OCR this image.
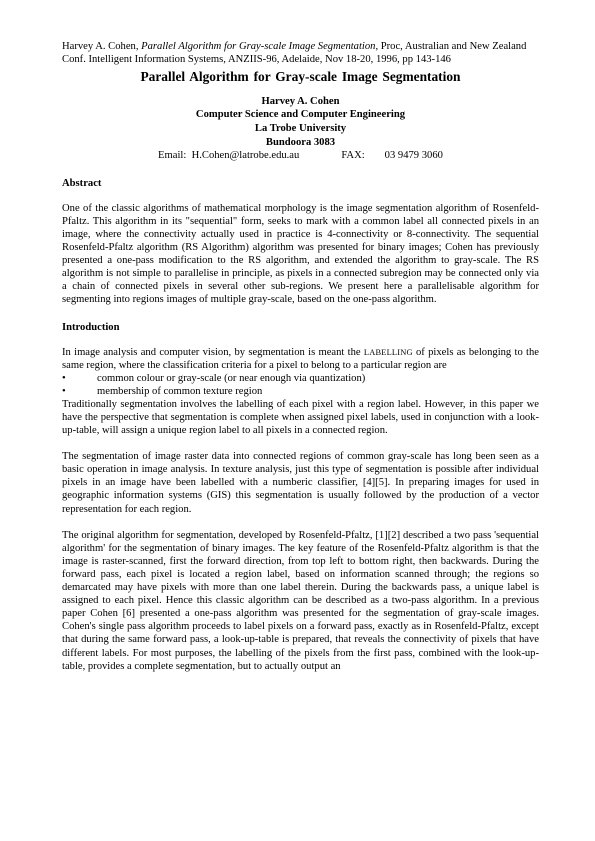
Harvey A. Cohen, Parallel Algorithm for Gray-scale Image Segmentation, Proc, Australian and New Zealand Conf. Intelligent Information Systems, ANZIIS-96, Adelaide, Nov 18-20, 1996, pp 143-146

Parallel Algorithm for Gray-scale Image Segmentation
Harvey A. Cohen
Computer Science and Computer Engineering
La Trobe University
Bundoora 3083
Email: H.Cohen@latrobe.edu.au	FAX: 03 9479 3060
Abstract

One of the classic algorithms of mathematical morphology is the image segmentation algorithm of Rosenfeld-Pfaltz. This algorithm in its "sequential" form, seeks to mark with a common label all connected pixels in an image, where the connectivity actually used in practice is 4-connectivity or 8-connectivity. The sequential Rosenfeld-Pfaltz algorithm (RS Algorithm) algorithm was presented for binary images; Cohen has previously presented a one-pass modification to the RS algorithm, and extended the algorithm to gray-scale. The RS algorithm is not simple to parallelise in principle, as pixels in a connected subregion may be connected only via a chain of connected pixels in several other sub-regions. We present here a parallelisable algorithm for segmenting into regions images of multiple gray-scale, based on the one-pass algorithm.

Introduction

In image analysis and computer vision, by segmentation is meant the LABELLING of pixels as belonging to the same region, where the classification criteria for a pixel to belong to a particular region are

•	common colour or gray-scale (or near enough via quantization)
•	membership of common texture region

Traditionally segmentation involves the labelling of each pixel with a region label. However, in this paper we have the perspective that segmentation is complete when assigned pixel labels, used in conjunction with a look-up-table, will assign a unique region label to all pixels in a connected region.

The segmentation of image raster data into connected regions of common gray-scale has long been seen as a basic operation in image analysis. In texture analysis, just this type of segmentation is possible after individual pixels in an image have been labelled with a numberic classifier, [4][5]. In preparing images for used in geographic information systems (GIS) this segmentation is usually followed by the production of a vector representation for each region.

The original algorithm for segmentation, developed by Rosenfeld-Pfaltz, [1][2] described a two pass 'sequential algorithm' for the segmentation of binary images. The key feature of the Rosenfeld-Pfaltz algorithm is that the image is raster-scanned, first the forward direction, from top left to bottom right, then backwards. During the forward pass, each pixel is located a region label, based on information scanned through; the regions so demarcated may have pixels with more than one label therein. During the backwards pass, a unique label is assigned to each pixel. Hence this classic algorithm can be described as a two-pass algorithm. In a previous paper Cohen [6] presented a one-pass algorithm was presented for the segmentation of gray-scale images. Cohen's single pass algorithm proceeds to label pixels on a forward pass, exactly as in Rosenfeld-Pfaltz, except that during the same forward pass, a look-up-table is prepared, that reveals the connectivity of pixels that have different labels. For most purposes, the labelling of the pixels from the first pass, combined with the look-up-table, provides a complete segmentation, but to actually output an
